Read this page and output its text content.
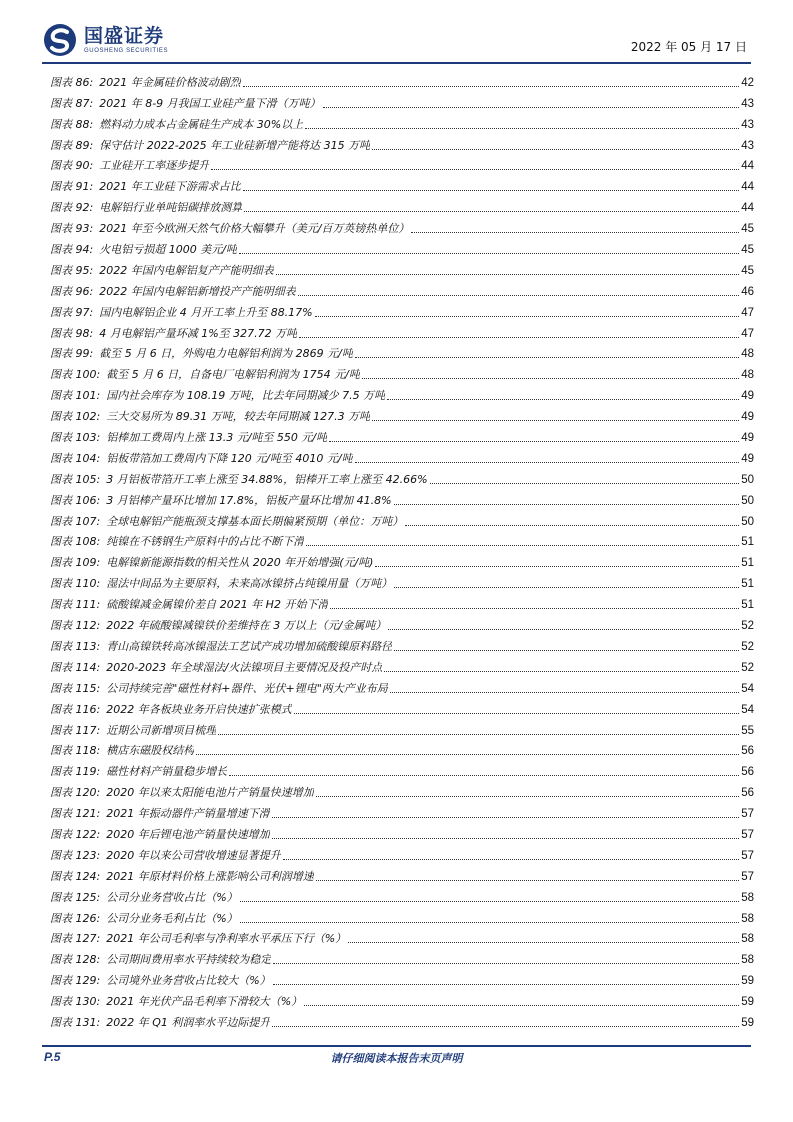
国盛证券
GUOSHENG SECURITIES	2022 年 05 月 17 日
图表 86: 2021 年金属硅价格波动剧烈	42
图表 87: 2021 年 8-9 月我国工业硅产量下滑（万吨）	43
图表 88: 燃料动力成本占金属硅生产成本 30%以上	43
图表 89: 保守估计 2022-2025 年工业硅新增产能将达 315 万吨	43
图表 90: 工业硅开工率逐步提升	44
图表 91: 2021 年工业硅下游需求占比	44
图表 92: 电解铝行业单吨铝碳排放测算	44
图表 93: 2021 年至今欧洲天然气价格大幅攀升（美元/百万英镑热单位）	45
图表 94: 火电铝亏损超 1000 美元/吨	45
图表 95: 2022 年国内电解铝复产产能明细表	45
图表 96: 2022 年国内电解铝新增投产产能明细表	46
图表 97: 国内电解铝企业 4 月开工率上升至 88.17%	47
图表 98: 4 月电解铝产量环减 1%至 327.72 万吨	47
图表 99: 截至 5 月 6 日，外购电力电解铝利润为 2869 元/吨	48
图表 100: 截至 5 月 6 日，自备电厂电解铝利润为 1754 元/吨	48
图表 101: 国内社会库存为 108.19 万吨，比去年同期减少 7.5 万吨	49
图表 102: 三大交易所为 89.31 万吨，较去年同期减 127.3 万吨	49
图表 103: 铝棒加工费周内上涨 13.3 元/吨至 550 元/吨	49
图表 104: 铝板带箔加工费周内下降 120 元/吨至 4010 元/吨	49
图表 105: 3 月铝板带箔开工率上涨至 34.88%，铝棒开工率上涨至 42.66%	50
图表 106: 3 月铝棒产量环比增加 17.8%，铝板产量环比增加 41.8%	50
图表 107: 全球电解铝产能瓶颈支撑基本面长期偏紧预期（单位：万吨）	50
图表 108: 纯镍在不锈钢生产原料中的占比不断下滑	51
图表 109: 电解镍新能源指数的相关性从 2020 年开始增强(元/吨)	51
图表 110: 湿法中间品为主要原料，未来高冰镍挤占纯镍用量（万吨）	51
图表 111: 硫酸镍减金属镍价差自 2021 年 H2 开始下滑	51
图表 112: 2022 年硫酸镍减镍铁价差维持在 3 万以上（元/金属吨）	52
图表 113: 青山高镍铁转高冰镍湿法工艺试产成功增加硫酸镍原料路径	52
图表 114: 2020-2023 年全球湿法/火法镍项目主要情况及投产时点	52
图表 115: 公司持续完善"磁性材料+器件、光伏+锂电"两大产业布局	54
图表 116: 2022 年各板块业务开启快速扩张模式	54
图表 117: 近期公司新增项目梳理	55
图表 118: 横店东磁股权结构	56
图表 119: 磁性材料产销量稳步增长	56
图表 120: 2020 年以来太阳能电池片产销量快速增加	56
图表 121: 2021 年振动器件产销量增速下滑	57
图表 122: 2020 年后锂电池产销量快速增加	57
图表 123: 2020 年以来公司营收增速显著提升	57
图表 124: 2021 年原材料价格上涨影响公司利润增速	57
图表 125: 公司分业务营收占比（%）	58
图表 126: 公司分业务毛利占比（%）	58
图表 127: 2021 年公司毛利率与净利率水平承压下行（%）	58
图表 128: 公司期间费用率水平持续较为稳定	58
图表 129: 公司境外业务营收占比较大（%）	59
图表 130: 2021 年光伏产品毛利率下滑较大（%）	59
图表 131: 2022 年 Q1 利润率水平边际提升	59
P.5	请仔细阅读本报告末页声明
